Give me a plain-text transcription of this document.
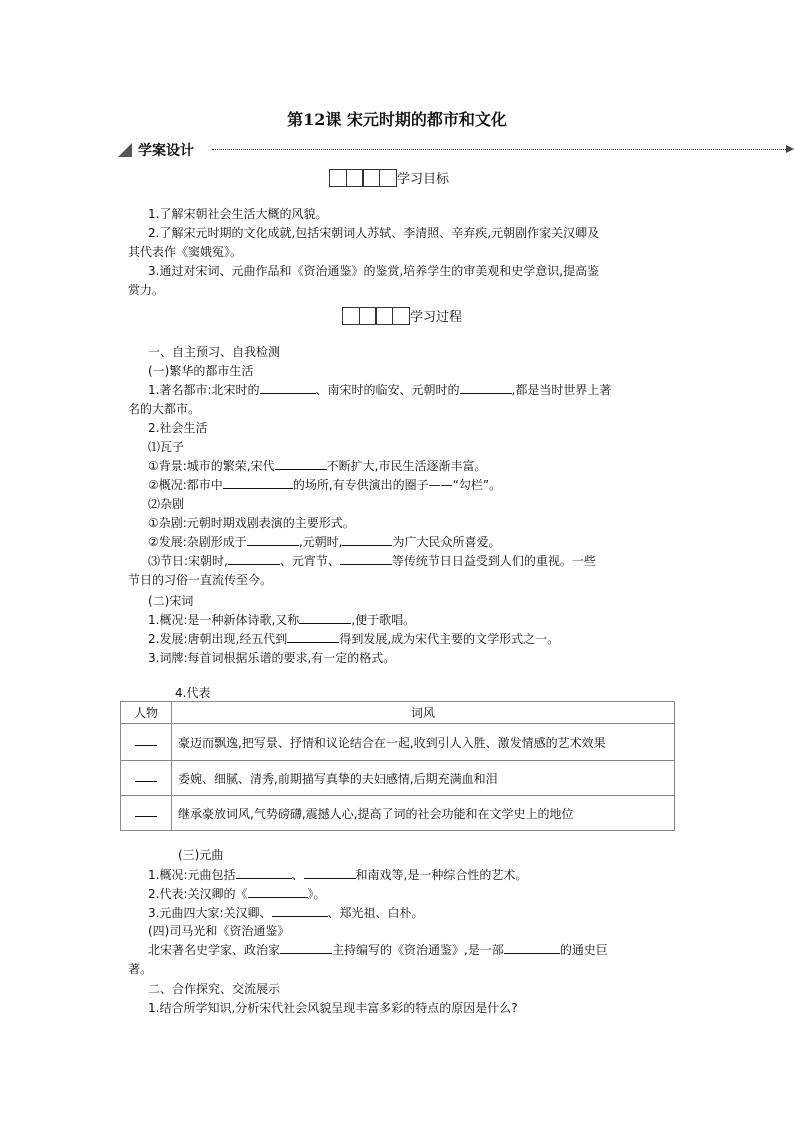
第12课 宋元时期的都市和文化
学案设计
学习目标
1.了解宋朝社会生活大概的风貌。
2.了解宋元时期的文化成就,包括宋朝词人苏轼、李清照、辛弃疾,元朝剧作家关汉卿及
其代表作《窦娥冤》。
3.通过对宋词、元曲作品和《资治通鉴》的鉴赏,培养学生的审美观和史学意识,提高鉴
赏力。
学习过程
一、自主预习、自我检测
(一)繁华的都市生活
1.著名都市:北宋时的	、南宋时的临安、元朝时的	,都是当时世界上著
名的大都市。
2.社会生活
⑴瓦子
①背景:城市的繁荣,宋代	不断扩大,市民生活逐渐丰富。
②概况:都市中	的场所,有专供演出的圈子——“勾栏”。
⑵杂剧
①杂剧:元朝时期戏剧表演的主要形式。
②发展:杂剧形成于	,元朝时,	为广大民众所喜爱。
⑶节日:宋朝时,	、元宵节、	等传统节日日益受到人们的重视。一些
节日的习俗一直流传至今。
(二)宋词
1.概况:是一种新体诗歌,又称	,便于歌唱。
2.发展:唐朝出现,经五代到	得到发展,成为宋代主要的文学形式之一。
3.词牌:每首词根据乐谱的要求,有一定的格式。
4.代表
人物	词风
	豪迈而飘逸,把写景、抒情和议论结合在一起,收到引人入胜、激发情感的艺术效果
	委婉、细腻、清秀,前期描写真挚的夫妇感情,后期充满血和泪
	继承豪放词风,气势磅礴,震撼人心,提高了词的社会功能和在文学史上的地位
(三)元曲
1.概况:元曲包括	、	和南戏等,是一种综合性的艺术。
2.代表:关汉卿的《	》。
3.元曲四大家:关汉卿、	、郑光祖、白朴。
(四)司马光和《资治通鉴》
北宋著名史学家、政治家	主持编写的《资治通鉴》,是一部	的通史巨
著。
二、合作探究、交流展示
1.结合所学知识,分析宋代社会风貌呈现丰富多彩的特点的原因是什么?
